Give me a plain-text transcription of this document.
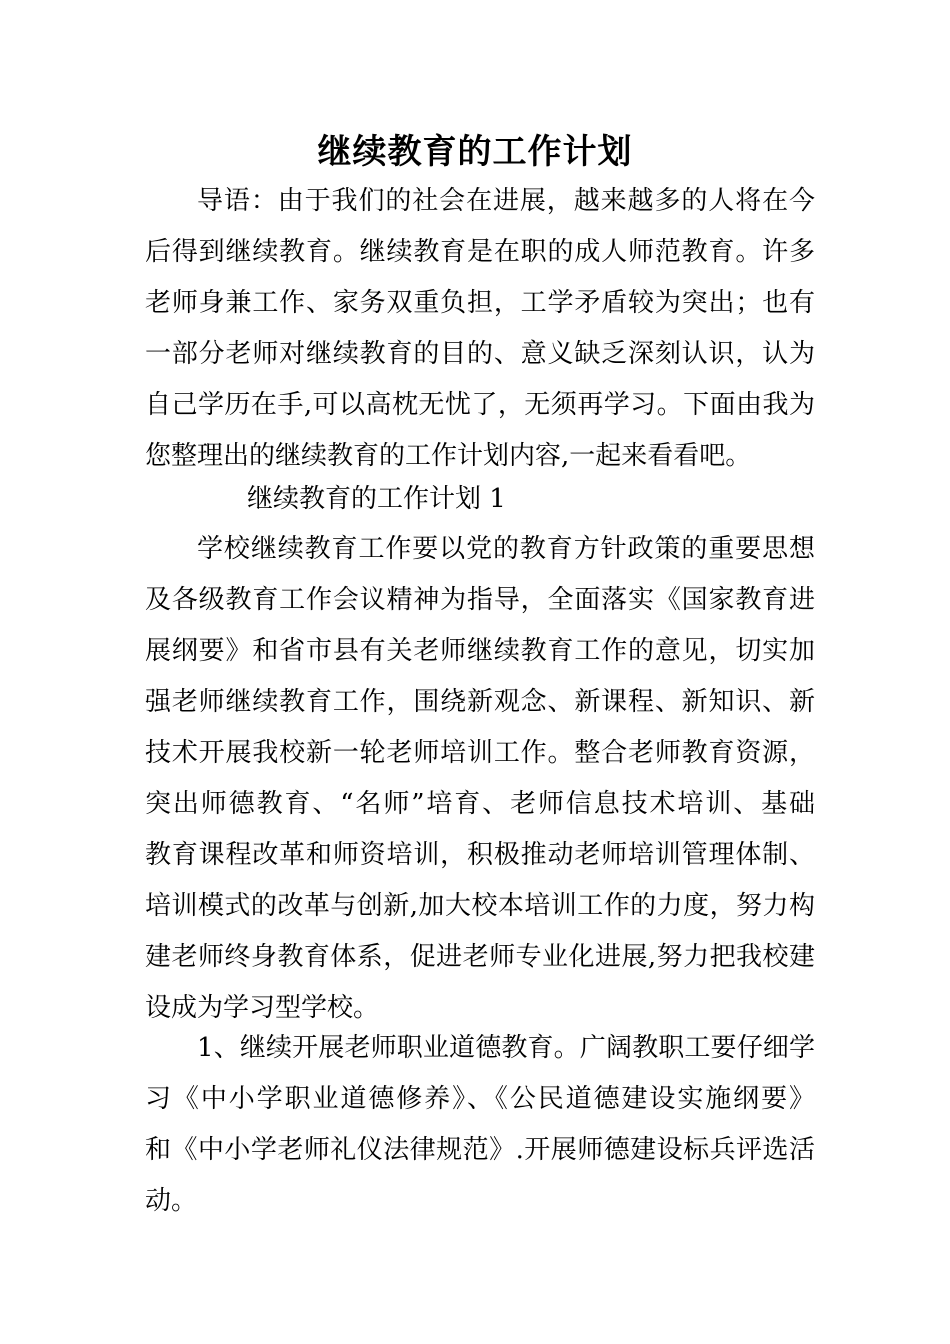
继续教育的工作计划
导语：由于我们的社会在进展，越来越多的人将在今
后得到继续教育。继续教育是在职的成人师范教育。许多
老师身兼工作、家务双重负担，工学矛盾较为突出；也有
一部分老师对继续教育的目的、意义缺乏深刻认识，认为
自己学历在手,可以高枕无忧了，无须再学习。下面由我为
您整理出的继续教育的工作计划内容,一起来看看吧。
继续教育的工作计划 1
学校继续教育工作要以党的教育方针政策的重要思想
及各级教育工作会议精神为指导，全面落实《国家教育进
展纲要》和省市县有关老师继续教育工作的意见，切实加
强老师继续教育工作，围绕新观念、新课程、新知识、新
技术开展我校新一轮老师培训工作。整合老师教育资源，
突出师德教育、“名师”培育、老师信息技术培训、基础
教育课程改革和师资培训，积极推动老师培训管理体制、
培训模式的改革与创新,加大校本培训工作的力度，努力构
建老师终身教育体系，促进老师专业化进展,努力把我校建
设成为学习型学校。
1、继续开展老师职业道德教育。广阔教职工要仔细学
习《中小学职业道德修养》、《公民道德建设实施纲要》
和《中小学老师礼仪法律规范》.开展师德建设标兵评选活
动。
